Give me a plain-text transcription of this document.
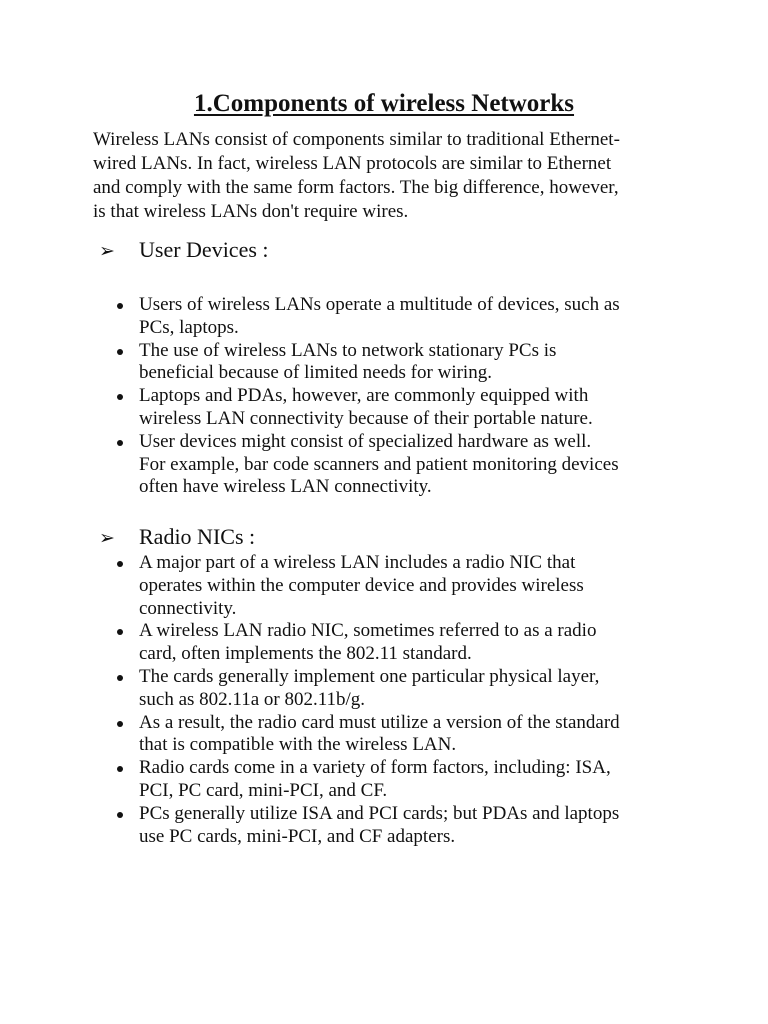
1.Components of wireless Networks

Wireless LANs consist of components similar to traditional Ethernet-
wired LANs. In fact, wireless LAN protocols are similar to Ethernet
and comply with the same form factors. The big difference, however,
is that wireless LANs don't require wires.

➢ User Devices :
Users of wireless LANs operate a multitude of devices, such as
PCs, laptops.
The use of wireless LANs to network stationary PCs is
beneficial because of limited needs for wiring.
Laptops and PDAs, however, are commonly equipped with
wireless LAN connectivity because of their portable nature.
User devices might consist of specialized hardware as well.
For example, bar code scanners and patient monitoring devices
often have wireless LAN connectivity.
➢ Radio NICs :
A major part of a wireless LAN includes a radio NIC that
operates within the computer device and provides wireless
connectivity.
A wireless LAN radio NIC, sometimes referred to as a radio
card, often implements the 802.11 standard.
The cards generally implement one particular physical layer,
such as 802.11a or 802.11b/g.
As a result, the radio card must utilize a version of the standard
that is compatible with the wireless LAN.
Radio cards come in a variety of form factors, including: ISA,
PCI, PC card, mini-PCI, and CF.
PCs generally utilize ISA and PCI cards; but PDAs and laptops
use PC cards, mini-PCI, and CF adapters.
